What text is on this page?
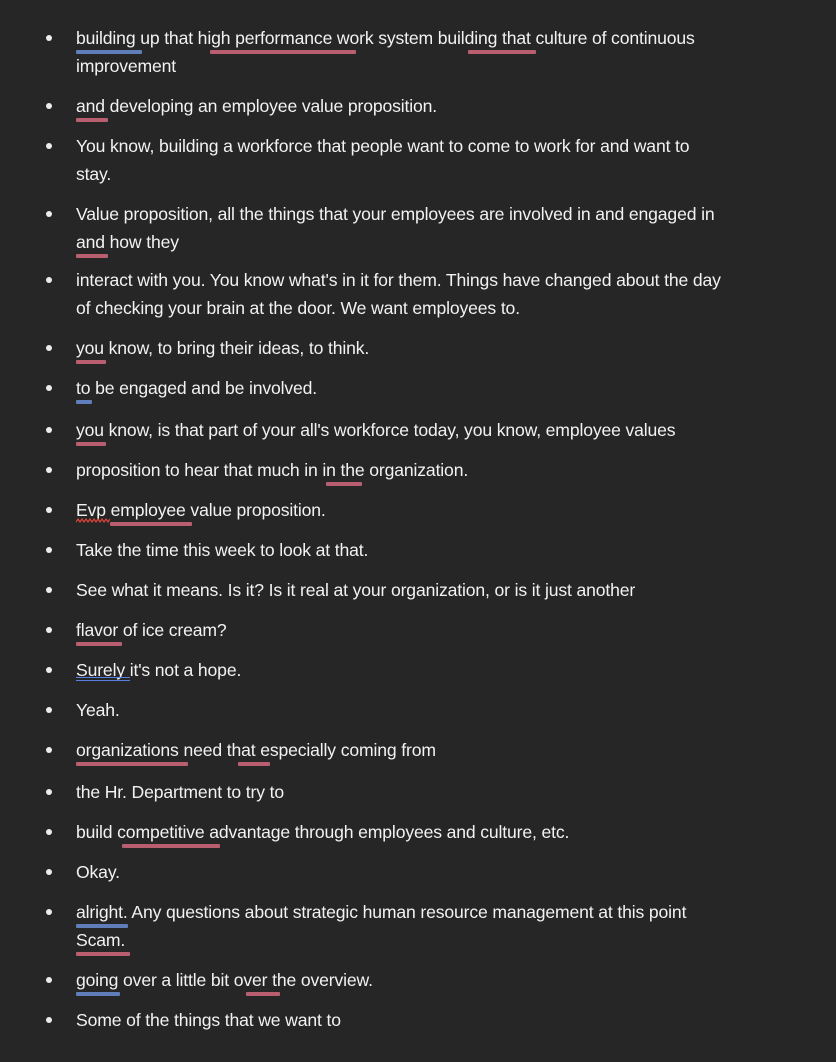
building up that high performance work system building that culture of continuous
improvement
and developing an employee value proposition.
You know, building a workforce that people want to come to work for and want to
stay.
Value proposition, all the things that your employees are involved in and engaged in
and how they
interact with you. You know what's in it for them. Things have changed about the day
of checking your brain at the door. We want employees to.
you know, to bring their ideas, to think.
to be engaged and be involved.
you know, is that part of your all's workforce today, you know, employee values
proposition to hear that much in in the organization.
Evp employee value proposition.
Take the time this week to look at that.
See what it means. Is it? Is it real at your organization, or is it just another
flavor of ice cream?
Surely it's not a hope.
Yeah.
organizations need that especially coming from
the Hr. Department to try to
build competitive advantage through employees and culture, etc.
Okay.
alright. Any questions about strategic human resource management at this point
Scam.
going over a little bit over the overview.
Some of the things that we want to
